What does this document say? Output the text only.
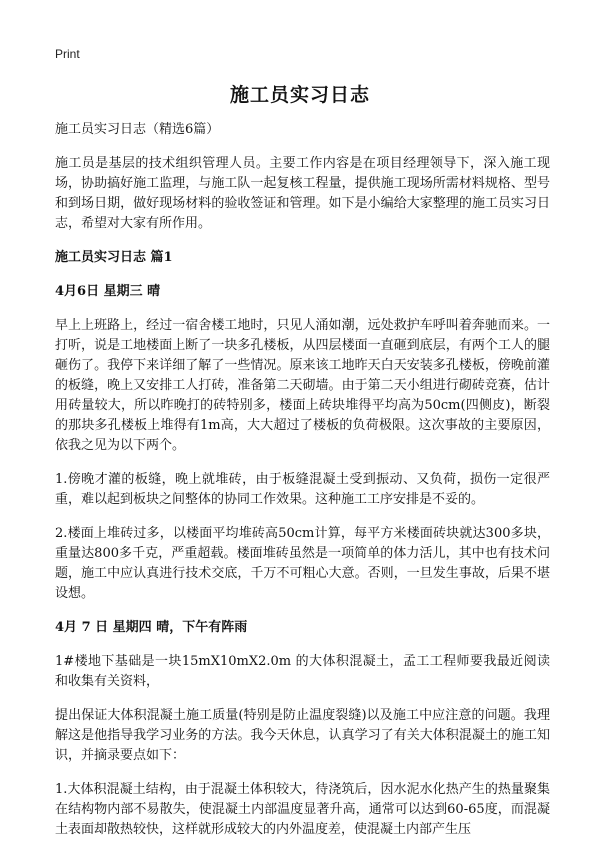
Print
施工员实习日志

施工员实习日志（精选6篇）

施工员是基层的技术组织管理人员。主要工作内容是在项目经理领导下，深入施工现场，协助搞好施工监理，与施工队一起复核工程量，提供施工现场所需材料规格、型号和到场日期，做好现场材料的验收签证和管理。如下是小编给大家整理的施工员实习日志，希望对大家有所作用。

施工员实习日志 篇1

4月6日 星期三 晴

早上上班路上，经过一宿舍楼工地时，只见人涌如潮，远处救护车呼叫着奔驰而来。一打听，说是工地楼面上断了一块多孔楼板，从四层楼面一直砸到底层，有两个工人的腿砸伤了。我停下来详细了解了一些情况。原来该工地昨天白天安装多孔楼板，傍晚前灌的板缝，晚上又安排工人打砖，准备第二天砌墙。由于第二天小组进行砌砖竞赛，估计用砖量较大，所以昨晚打的砖特别多，楼面上砖块堆得平均高为50cm(四侧皮)，断裂的那块多孔楼板上堆得有1m高，大大超过了楼板的负荷极限。这次事故的主要原因，依我之见为以下两个。

1.傍晚才灌的板缝，晚上就堆砖，由于板缝混凝土受到振动、又负荷，损伤一定很严重，难以起到板块之间整体的协同工作效果。这种施工工序安排是不妥的。

2.楼面上堆砖过多，以楼面平均堆砖高50cm计算，每平方米楼面砖块就达300多块，重量达800多千克，严重超载。楼面堆砖虽然是一项简单的体力活儿，其中也有技术问题，施工中应认真进行技术交底，千万不可粗心大意。否则，一旦发生事故，后果不堪设想。

4月 7 日 星期四 晴，下午有阵雨

1#楼地下基础是一块15mX10mX2.0m 的大体积混凝土，孟工工程师要我最近阅读和收集有关资料，

提出保证大体积混凝土施工质量(特别是防止温度裂缝)以及施工中应注意的问题。我理解这是他指导我学习业务的方法。我今天休息，认真学习了有关大体积混凝土的施工知识，并摘录要点如下：

1.大体积混凝土结构，由于混凝土体积较大，待浇筑后，因水泥水化热产生的热量聚集在结构物内部不易散失，使混凝土内部温度显著升高，通常可以达到60-65度，而混凝土表面却散热较快，这样就形成较大的内外温度差，使混凝土内部产生压
